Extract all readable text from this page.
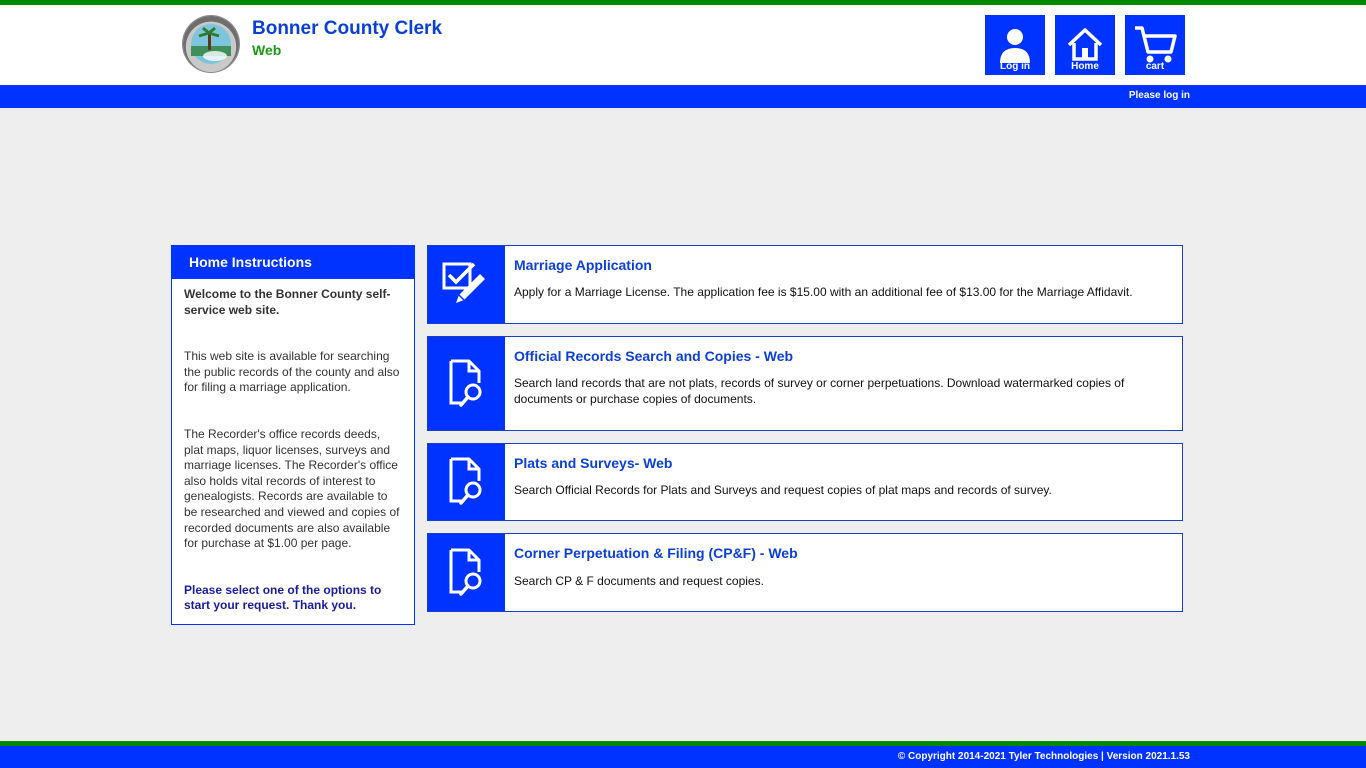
Bonner County Clerk
Web
Log in	Home	cart
Please log in
Home Instructions

Welcome to the Bonner County self-service web site.

This web site is available for searching the public records of the county and also for filing a marriage application.

The Recorder's office records deeds, plat maps, liquor licenses, surveys and marriage licenses. The Recorder's office also holds vital records of interest to genealogists. Records are available to be researched and viewed and copies of recorded documents are also available for purchase at $1.00 per page.

Please select one of the options to start your request. Thank you.

Marriage Application
Apply for a Marriage License. The application fee is $15.00 with an additional fee of $13.00 for the Marriage Affidavit.
Official Records Search and Copies - Web
Search land records that are not plats, records of survey or corner perpetuations. Download watermarked copies of documents or purchase copies of documents.
Plats and Surveys- Web
Search Official Records for Plats and Surveys and request copies of plat maps and records of survey.
Corner Perpetuation & Filing (CP&F) - Web
Search CP & F documents and request copies.
© Copyright 2014-2021 Tyler Technologies | Version 2021.1.53
